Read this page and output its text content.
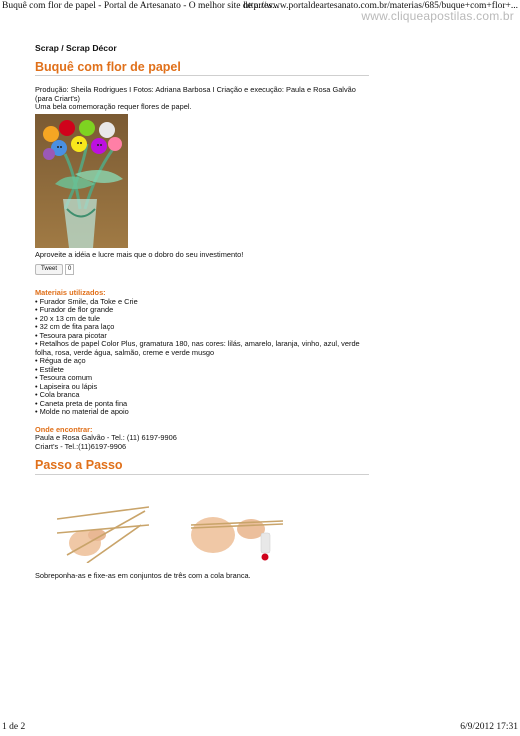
Buquê com flor de papel - Portal de Artesanato - O melhor site de artes...
http://www.portaldeartesanato.com.br/materias/685/buque+com+flor+...
www.cliqueapostilas.com.br
Scrap / Scrap Décor
Buquê com flor de papel

Produção: Sheila Rodrigues I Fotos: Adriana Barbosa I Criação e execução: Paula e Rosa Galvão (para Criart's)

Uma bela comemoração requer flores de papel.

Aproveite a idéia e lucre mais que o dobro do seu investimento!

Tweet	0
Materiais utilizados:
• Furador Smile, da Toke e Crie
• Furador de flor grande
• 20 x 13 cm de tule
• 32 cm de fita para laço
• Tesoura para picotar
• Retalhos de papel Color Plus, gramatura 180, nas cores: lilás, amarelo, laranja, vinho, azul, verde folha, rosa, verde água, salmão, creme e verde musgo
• Régua de aço
• Estilete
• Tesoura comum
• Lapiseira ou lápis
• Cola branca
• Caneta preta de ponta fina
• Molde no material de apoio
Onde encontrar:
Paula e Rosa Galvão - Tel.: (11) 6197-9906
Criart's - Tel.:(11)6197-9906
Passo a Passo

Sobreponha-as e fixe-as em conjuntos de três com a cola branca.

1 de 2	6/9/2012 17:31
